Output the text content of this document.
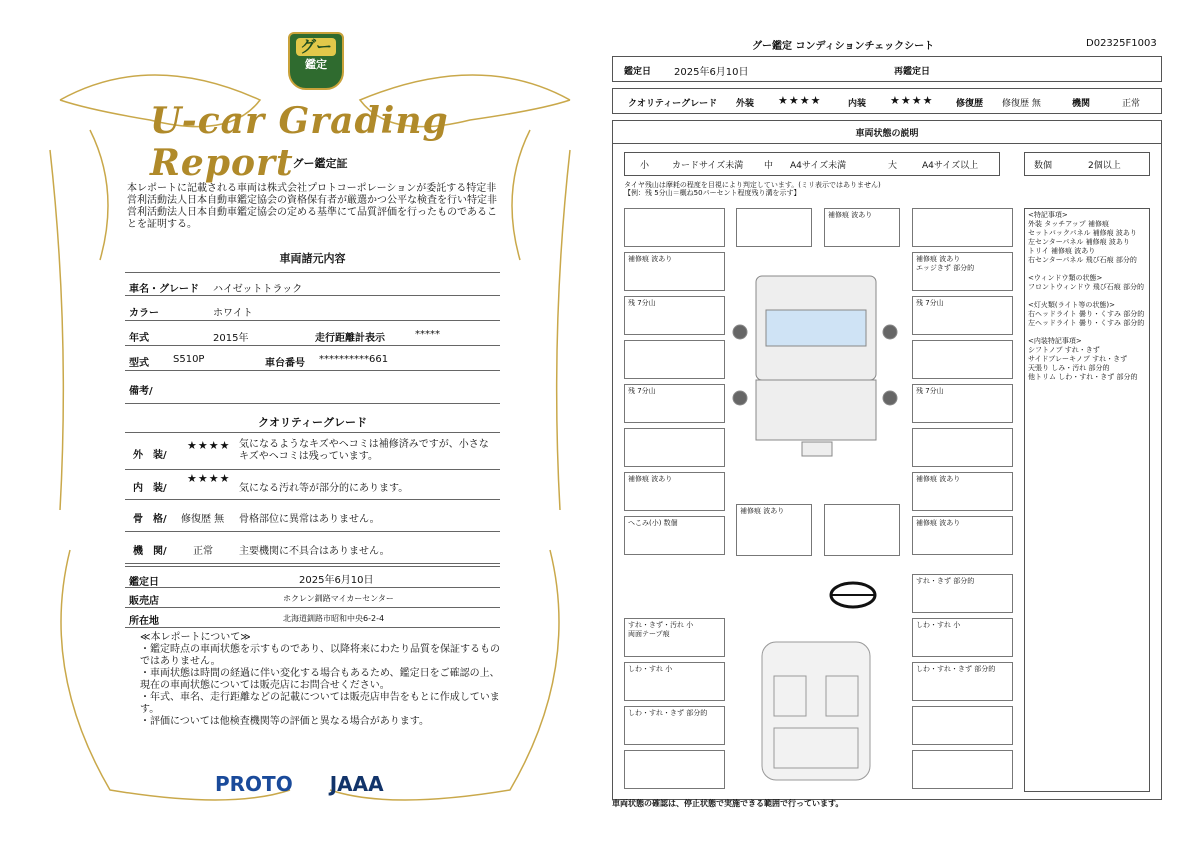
グー
鑑定
U-car Grading Report
グー鑑定証
本レポートに記載される車両は株式会社プロトコーポレーションが委託する特定非営利活動法人日本自動車鑑定協会の資格保有者が厳選かつ公平な検査を行い特定非営利活動法人日本自動車鑑定協会の定める基準にて品質評価を行ったものであることを証明する。
車両諸元内容
車名・グレード ハイゼットトラック
カラー	ホワイト
年式	2015年	走行距離計表示	*****
型式 S510P	車台番号 **********661
備考/
クオリティーグレード
外　装/
★★★★ 気になるようなキズやヘコミは補修済みですが、小さなキズやヘコミは残っています。
内　装/
★★★★
気になる汚れ等が部分的にあります。
骨　格/ 修復歴 無 骨格部位に異常はありません。
機　関/	正常	主要機関に不具合はありません。
鑑定日	2025年6月10日
販売店	ホクレン釧路マイカーセンター
所在地	北海道釧路市昭和中央6-2-4
≪本レポートについて≫
・鑑定時点の車両状態を示すものであり、以降将来にわたり品質を保証するものではありません。
・車両状態は時間の経過に伴い変化する場合もあるため、鑑定日をご確認の上、現在の車両状態については販売店にお問合せください。
・年式、車名、走行距離などの記載については販売店申告をもとに作成しています。
・評価については他検査機関等の評価と異なる場合があります。
PROTO JAAA
グー鑑定 コンディションチェックシート	D02325F1003
鑑定日 2025年6月10日	再鑑定日
クオリティーグレード 外装 ★★★★	内装 ★★★★	修復歴 修復歴 無	機関	正常
車両状態の説明
小	カードサイズ未満 中 A4サイズ未満	大	A4サイズ以上	数個	2個以上
タイヤ残山は摩耗の程度を目視により判定しています。(ミリ表示ではありません)
【例：残 5分山＝概ね50パーセント程度残り溝を示す】
補修痕 波あり
補修痕 波あり	補修痕 波あり
エッジきず 部分的
残 7分山	残 7分山
残 7分山	残 7分山
補修痕 波あり	補修痕 波あり
へこみ(小) 数個
補修痕 波あり
補修痕 波あり
すれ・きず 部分的
すれ・きず・汚れ 小
両面テープ痕
しわ・すれ 小
しわ・すれ 小	しわ・すれ・きず 部分的
しわ・すれ・きず 部分的
<特記事項>
外装 タッチアップ 補修痕
セットバックパネル 補修痕 波あり
左センターパネル 補修痕 波あり
トリイ 補修痕 波あり
右センターパネル 飛び石痕 部分的

<ウィンドウ類の状態>
フロントウィンドウ 飛び石痕 部分的

<灯火類(ライト等の状態)>
右ヘッドライト 曇り・くすみ 部分的
左ヘッドライト 曇り・くすみ 部分的

<内装特記事項>
シフトノブ すれ・きず
サイドブレーキノブ すれ・きず
天張り しみ・汚れ 部分的
他トリム しわ・すれ・きず 部分的
車両状態の確認は、停止状態で実施できる範囲で行っています。
